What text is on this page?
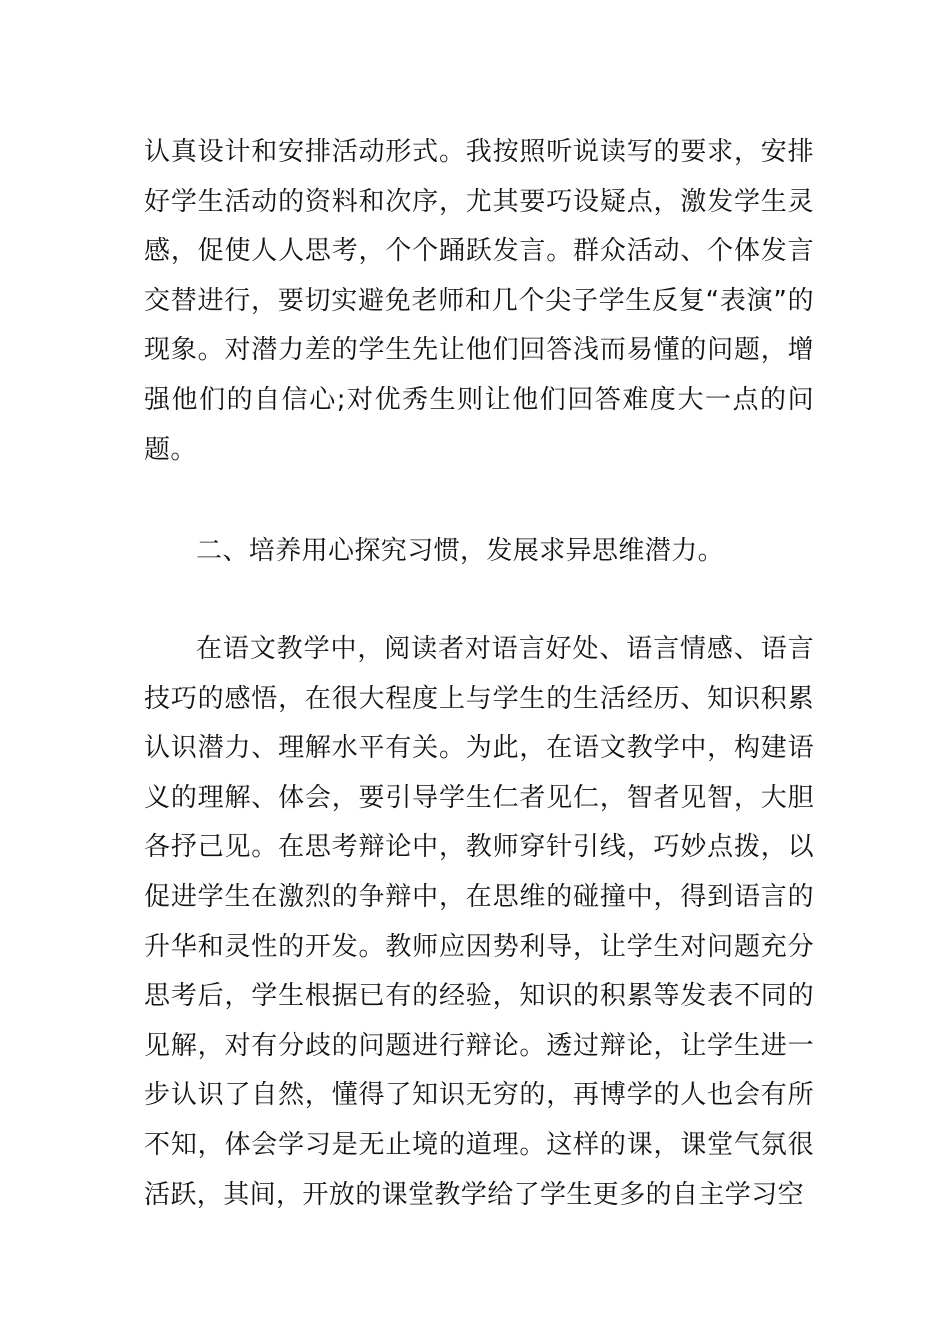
认真设计和安排活动形式。我按照听说读写的要求，安排好学生活动的资料和次序，尤其要巧设疑点，激发学生灵感，促使人人思考，个个踊跃发言。群众活动、个体发言交替进行，要切实避免老师和几个尖子学生反复“表演”的现象。对潜力差的学生先让他们回答浅而易懂的问题，增强他们的自信心;对优秀生则让他们回答难度大一点的问题。

二、培养用心探究习惯，发展求异思维潜力。

在语文教学中，阅读者对语言好处、语言情感、语言技巧的感悟，在很大程度上与学生的生活经历、知识积累认识潜力、理解水平有关。为此，在语文教学中，构建语义的理解、体会，要引导学生仁者见仁，智者见智，大胆各抒己见。在思考辩论中，教师穿针引线，巧妙点拨，以促进学生在激烈的争辩中，在思维的碰撞中，得到语言的升华和灵性的开发。教师应因势利导，让学生对问题充分思考后，学生根据已有的经验，知识的积累等发表不同的见解，对有分歧的问题进行辩论。透过辩论，让学生进一步认识了自然，懂得了知识无穷的，再博学的人也会有所不知，体会学习是无止境的道理。这样的课，课堂气氛很活跃，其间，开放的课堂教学给了学生更多的自主学习空
